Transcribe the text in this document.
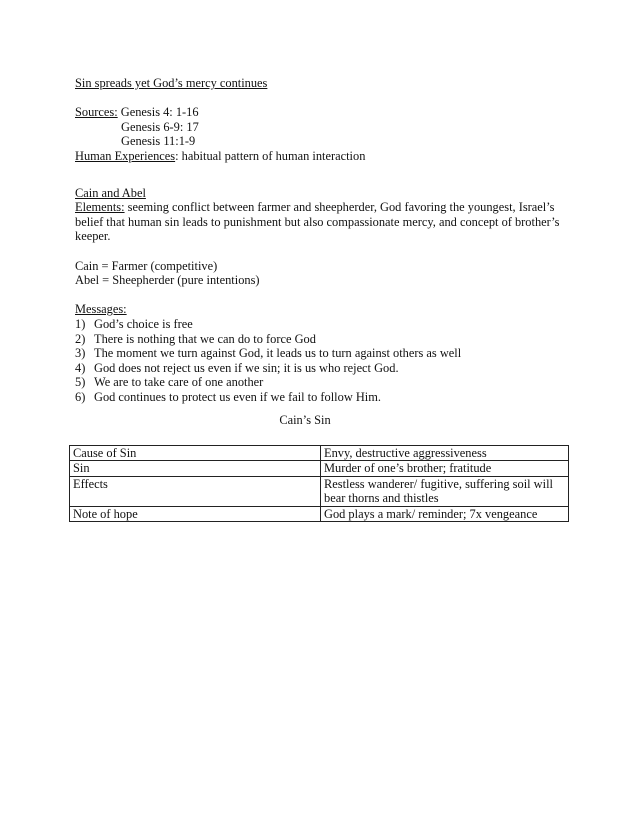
Sin spreads yet God’s mercy continues
Sources: Genesis 4: 1-16
Genesis 6-9: 17
Genesis 11:1-9
Human Experiences: habitual pattern of human interaction
Cain and Abel
Elements: seeming conflict between farmer and sheepherder, God favoring the youngest, Israel’s belief that human sin leads to punishment but also compassionate mercy, and concept of brother’s keeper.
Cain = Farmer (competitive)
Abel = Sheepherder (pure intentions)
Messages:
1) God’s choice is free
2) There is nothing that we can do to force God
3) The moment we turn against God, it leads us to turn against others as well
4) God does not reject us even if we sin; it is us who reject God.
5) We are to take care of one another
6) God continues to protect us even if we fail to follow Him.
Cain’s Sin
Cause of Sin	Envy, destructive aggressiveness
Sin	Murder of one’s brother; fratitude
Effects	Restless wanderer/ fugitive, suffering soil will bear thorns and thistles
Note of hope	God plays a mark/ reminder; 7x vengeance
